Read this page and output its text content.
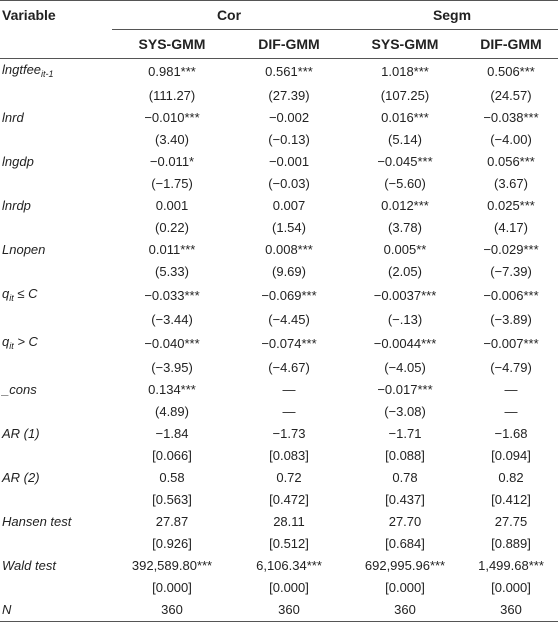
Variable	Cor		Segm	
	SYS-GMM	DIF-GMM	SYS-GMM	DIF-GMM
lngtfee$_{it-1}$	0.981***	0.561***	1.018***	0.506***
	(111.27)	(27.39)	(107.25)	(24.57)
lnrd	−0.010***	−0.002	0.016***	−0.038***
	(3.40)	(−0.13)	(5.14)	(−4.00)
lngdp	−0.011*	−0.001	−0.045***	0.056***
	(−1.75)	(−0.03)	(−5.60)	(3.67)
lnrdp	0.001	0.007	0.012***	0.025***
	(0.22)	(1.54)	(3.78)	(4.17)
Lnopen	0.011***	0.008***	0.005**	−0.029***
	(5.33)	(9.69)	(2.05)	(−7.39)
$q_{it} \le C$	−0.033***	−0.069***	−0.0037***	−0.006***
	(−3.44)	(−4.45)	(−.13)	(−3.89)
$q_{it} > C$	−0.040***	−0.074***	−0.0044***	−0.007***
	(−3.95)	(−4.67)	(−4.05)	(−4.79)
_cons	0.134***	—	−0.017***	—
	(4.89)	—	(−3.08)	—
AR (1)	−1.84	−1.73	−1.71	−1.68
	[0.066]	[0.083]	[0.088]	[0.094]
AR (2)	0.58	0.72	0.78	0.82
	[0.563]	[0.472]	[0.437]	[0.412]
Hansen test	27.87	28.11	27.70	27.75
	[0.926]	[0.512]	[0.684]	[0.889]
Wald test	392,589.80***	6,106.34***	692,995.96***	1,499.68***
	[0.000]	[0.000]	[0.000]	[0.000]
N	360	360	360	360
